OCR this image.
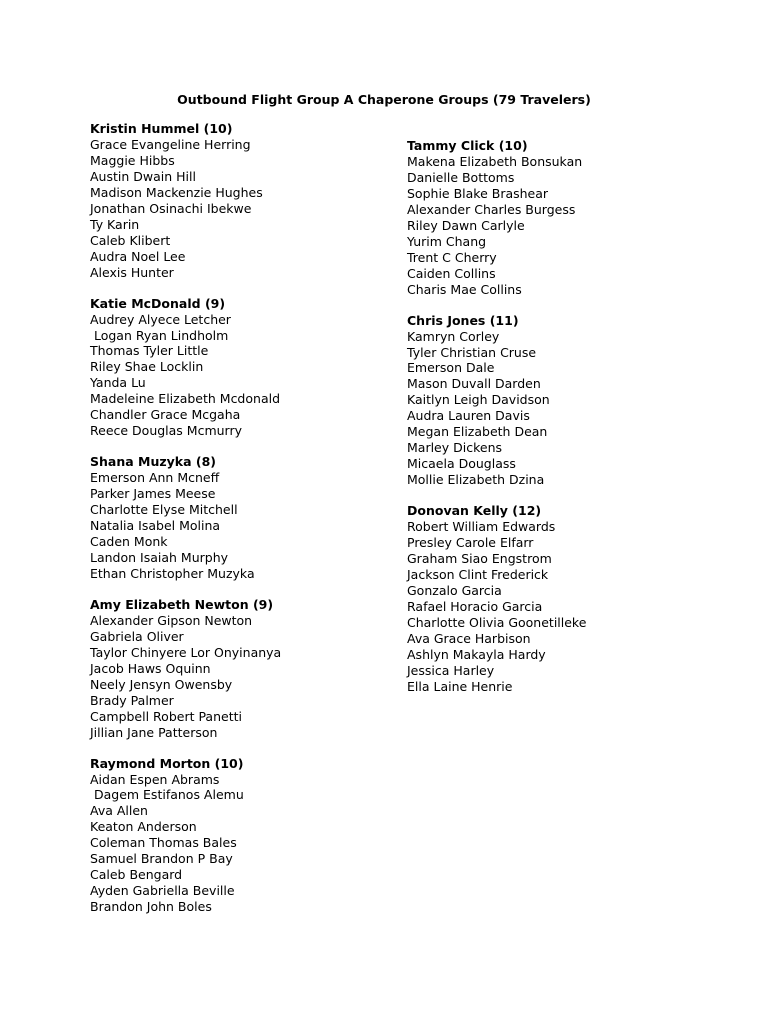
Outbound Flight Group A Chaperone Groups (79 Travelers)
Kristin Hummel (10)
Grace Evangeline Herring
Maggie Hibbs
Austin Dwain Hill
Madison Mackenzie Hughes
Jonathan Osinachi Ibekwe
Ty Karin
Caleb Klibert
Audra Noel Lee
Alexis Hunter
Katie McDonald (9)
Audrey Alyece Letcher
Logan Ryan Lindholm
Thomas Tyler Little
Riley Shae Locklin
Yanda Lu
Madeleine Elizabeth Mcdonald
Chandler Grace Mcgaha
Reece Douglas Mcmurry
Shana Muzyka (8)
Emerson Ann Mcneff
Parker James Meese
Charlotte Elyse Mitchell
Natalia Isabel Molina
Caden Monk
Landon Isaiah Murphy
Ethan Christopher Muzyka
Amy Elizabeth Newton (9)
Alexander Gipson Newton
Gabriela Oliver
Taylor Chinyere Lor Onyinanya
Jacob Haws Oquinn
Neely Jensyn Owensby
Brady Palmer
Campbell Robert Panetti
Jillian Jane Patterson
Raymond Morton (10)
Aidan Espen Abrams
Dagem Estifanos Alemu
Ava Allen
Keaton Anderson
Coleman Thomas Bales
Samuel Brandon P Bay
Caleb Bengard
Ayden Gabriella Beville
Brandon John Boles
Tammy Click (10)
Makena Elizabeth Bonsukan
Danielle Bottoms
Sophie Blake Brashear
Alexander Charles Burgess
Riley Dawn Carlyle
Yurim Chang
Trent C Cherry
Caiden Collins
Charis Mae Collins
Chris Jones (11)
Kamryn Corley
Tyler Christian Cruse
Emerson Dale
Mason Duvall Darden
Kaitlyn Leigh Davidson
Audra Lauren Davis
Megan Elizabeth Dean
Marley Dickens
Micaela Douglass
Mollie Elizabeth Dzina
Donovan Kelly (12)
Robert William Edwards
Presley Carole Elfarr
Graham Siao Engstrom
Jackson Clint Frederick
Gonzalo Garcia
Rafael Horacio Garcia
Charlotte Olivia Goonetilleke
Ava Grace Harbison
Ashlyn Makayla Hardy
Jessica Harley
Ella Laine Henrie
